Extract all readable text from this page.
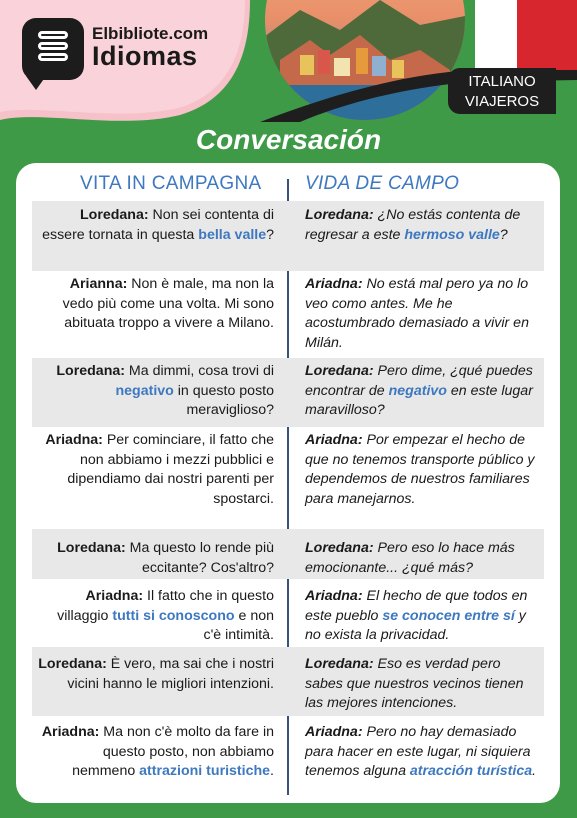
Elbibliote.com
Idiomas
ITALIANO
VIAJEROS
Conversación
VITA IN CAMPAGNA VIDA DE CAMPO
Loredana: Non sei contenta di essere tornata in questa bella valle?
Loredana: ¿No estás contenta de regresar a este hermoso valle?
Arianna: Non è male, ma non la vedo più come una volta. Mi sono abituata troppo a vivere a Milano.
Ariadna: No está mal pero ya no lo veo como antes. Me he acostumbrado demasiado a vivir en Milán.
Loredana: Ma dimmi, cosa trovi di negativo in questo posto meraviglioso?
Loredana: Pero dime, ¿qué puedes encontrar de negativo en este lugar maravilloso?
Ariadna: Per cominciare, il fatto che non abbiamo i mezzi pubblici e dipendiamo dai nostri parenti per spostarci.
Ariadna: Por empezar el hecho de que no tenemos transporte público y dependemos de nuestros familiares para manejarnos.
Loredana: Ma questo lo rende più eccitante? Cos'altro?
Loredana: Pero eso lo hace más emocionante... ¿qué más?
Ariadna: Il fatto che in questo villaggio tutti si conoscono e non c'è intimità.
Ariadna: El hecho de que todos en este pueblo se conocen entre sí y no exista la privacidad.
Loredana: È vero, ma sai che i nostri vicini hanno le migliori intenzioni.
Loredana: Eso es verdad pero sabes que nuestros vecinos tienen las mejores intenciones.
Ariadna: Ma non c'è molto da fare in questo posto, non abbiamo nemmeno attrazioni turistiche.
Ariadna: Pero no hay demasiado para hacer en este lugar, ni siquiera tenemos alguna atracción turística.
